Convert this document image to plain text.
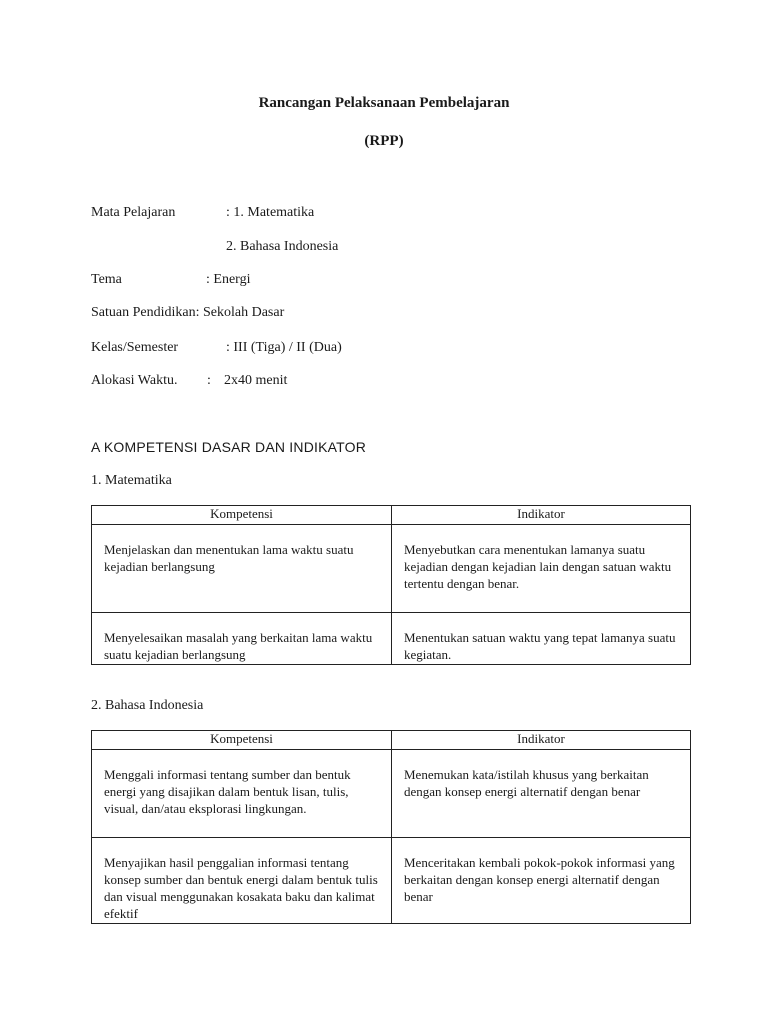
Rancangan Pelaksanaan Pembelajaran
(RPP)
Mata Pelajaran	: 1. Matematika
2. Bahasa Indonesia
Tema	: Energi
Satuan Pendidikan: Sekolah Dasar
Kelas/Semester	: III (Tiga) / II (Dua)
Alokasi Waktu. : 2x40 menit
A KOMPETENSI DASAR DAN INDIKATOR
1. Matematika
Kompetensi	Indikator
Menjelaskan dan menentukan lama waktu suatu kejadian berlangsung	Menyebutkan cara menentukan lamanya suatu kejadian dengan kejadian lain dengan satuan waktu tertentu dengan benar.
Menyelesaikan masalah yang berkaitan lama waktu suatu kejadian berlangsung	Menentukan satuan waktu yang tepat lamanya suatu kegiatan.
2. Bahasa Indonesia
Kompetensi	Indikator
Menggali informasi tentang sumber dan bentuk energi yang disajikan dalam bentuk lisan, tulis, visual, dan/atau eksplorasi lingkungan.	Menemukan kata/istilah khusus yang berkaitan dengan konsep energi alternatif dengan benar
Menyajikan hasil penggalian informasi tentang konsep sumber dan bentuk energi dalam bentuk tulis dan visual menggunakan kosakata baku dan kalimat efektif	Menceritakan kembali pokok-pokok informasi yang berkaitan dengan konsep energi alternatif dengan benar
